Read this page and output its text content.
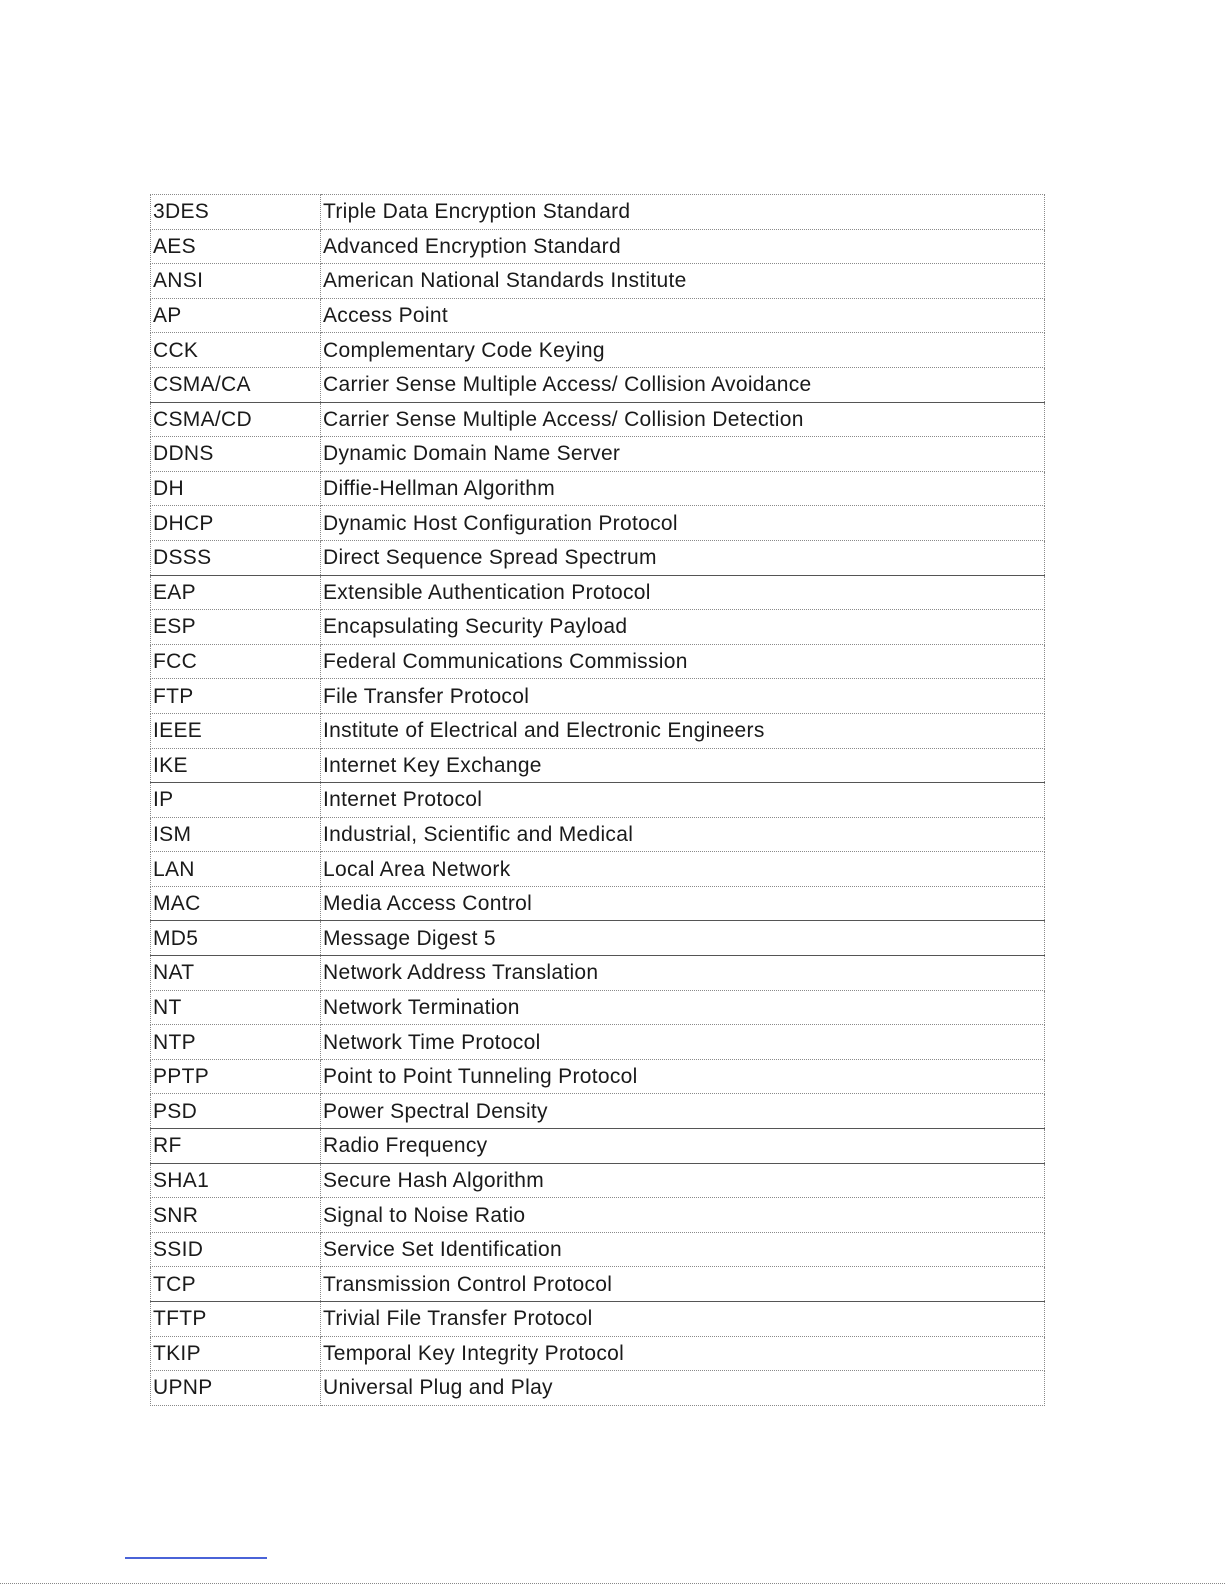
3DES	Triple Data Encryption Standard
AES	Advanced Encryption Standard
ANSI	American National Standards Institute
AP	Access Point
CCK	Complementary Code Keying
CSMA/CA	Carrier Sense Multiple Access/ Collision Avoidance
CSMA/CD	Carrier Sense Multiple Access/ Collision Detection
DDNS	Dynamic Domain Name Server
DH	Diffie-Hellman Algorithm
DHCP	Dynamic Host Configuration Protocol
DSSS	Direct Sequence Spread Spectrum
EAP	Extensible Authentication Protocol
ESP	Encapsulating Security Payload
FCC	Federal Communications Commission
FTP	File Transfer Protocol
IEEE	Institute of Electrical and Electronic Engineers
IKE	Internet Key Exchange
IP	Internet Protocol
ISM	Industrial, Scientific and Medical
LAN	Local Area Network
MAC	Media Access Control
MD5	Message Digest 5
NAT	Network Address Translation
NT	Network Termination
NTP	Network Time Protocol
PPTP	Point to Point Tunneling Protocol
PSD	Power Spectral Density
RF	Radio Frequency
SHA1	Secure Hash Algorithm
SNR	Signal to Noise Ratio
SSID	Service Set Identification
TCP	Transmission Control Protocol
TFTP	Trivial File Transfer Protocol
TKIP	Temporal Key Integrity Protocol
UPNP	Universal Plug and Play
